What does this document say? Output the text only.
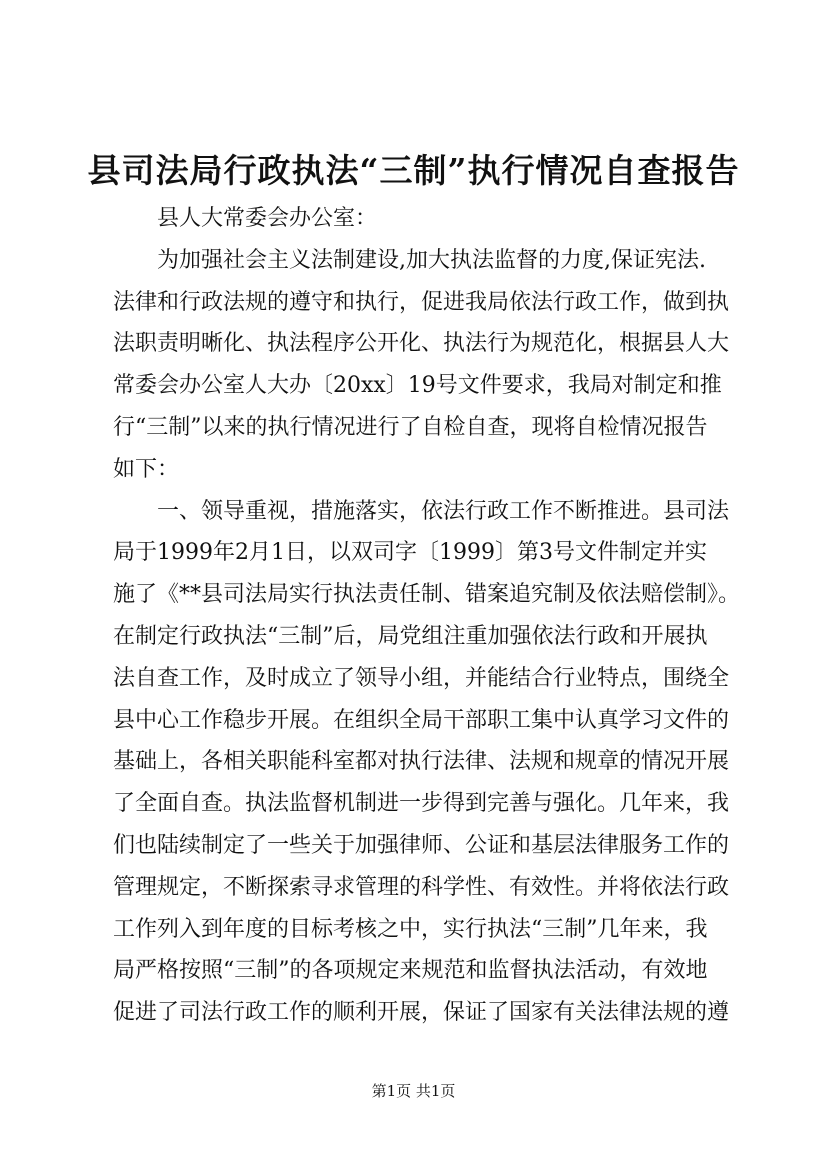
县司法局行政执法“三制”执行情况自查报告
县人大常委会办公室：
为加强社会主义法制建设,加大执法监督的力度,保证宪法.
法律和行政法规的遵守和执行，促进我局依法行政工作，做到执
法职责明晰化、执法程序公开化、执法行为规范化，根据县人大
常委会办公室人大办〔20xx〕19号文件要求，我局对制定和推
行“三制”以来的执行情况进行了自检自查，现将自检情况报告
如下：
一、领导重视，措施落实，依法行政工作不断推进。县司法
局于1999年2月1日，以双司字〔1999〕第3号文件制定并实
施了《**县司法局实行执法责任制、错案追究制及依法赔偿制》。
在制定行政执法“三制”后，局党组注重加强依法行政和开展执
法自查工作，及时成立了领导小组，并能结合行业特点，围绕全
县中心工作稳步开展。在组织全局干部职工集中认真学习文件的
基础上，各相关职能科室都对执行法律、法规和规章的情况开展
了全面自查。执法监督机制进一步得到完善与强化。几年来，我
们也陆续制定了一些关于加强律师、公证和基层法律服务工作的
管理规定，不断探索寻求管理的科学性、有效性。并将依法行政
工作列入到年度的目标考核之中，实行执法“三制”几年来，我
局严格按照“三制”的各项规定来规范和监督执法活动，有效地
促进了司法行政工作的顺利开展，保证了国家有关法律法规的遵
第1页 共1页
